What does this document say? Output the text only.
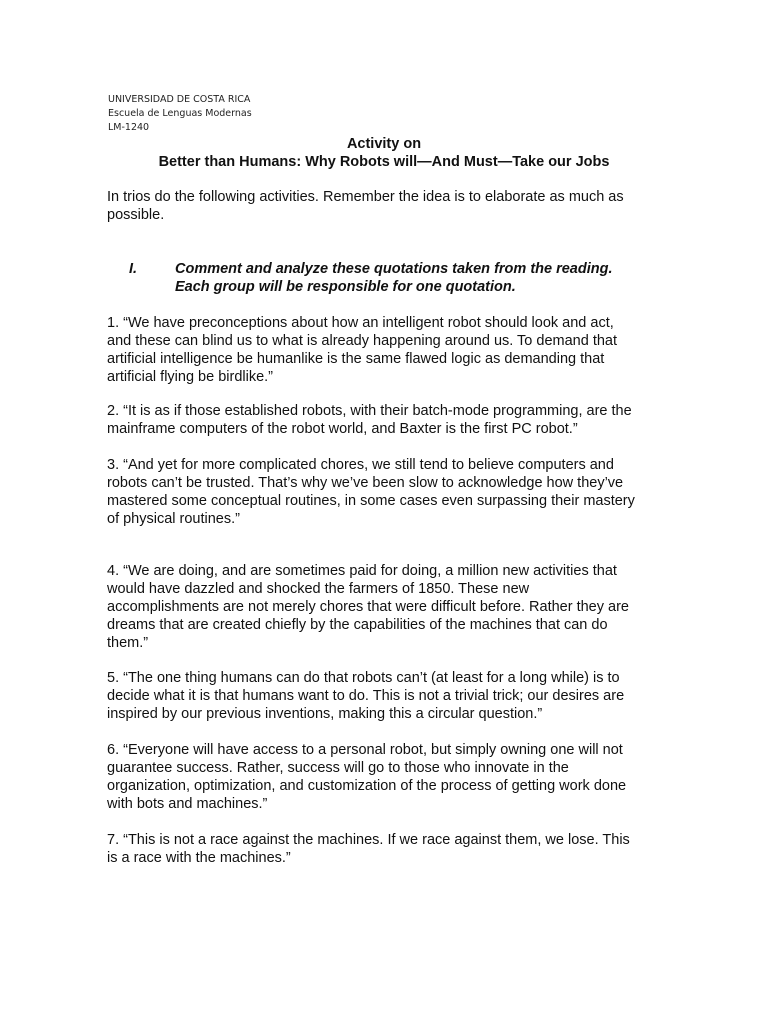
UNIVERSIDAD DE COSTA RICA
Escuela de Lenguas Modernas
LM-1240
Activity on
Better than Humans: Why Robots will—And Must—Take our Jobs
In trios do the following activities. Remember the idea is to elaborate as much as
possible.
I.	Comment and analyze these quotations taken from the reading.
Each group will be responsible for one quotation.
1. “We have preconceptions about how an intelligent robot should look and act,
and these can blind us to what is already happening around us. To demand that
artificial intelligence be humanlike is the same flawed logic as demanding that
artificial flying be birdlike.”
2. “It is as if those established robots, with their batch-mode programming, are the
mainframe computers of the robot world, and Baxter is the first PC robot.”
3. “And yet for more complicated chores, we still tend to believe computers and
robots can’t be trusted. That’s why we’ve been slow to acknowledge how they’ve
mastered some conceptual routines, in some cases even surpassing their mastery
of physical routines.”
4. “We are doing, and are sometimes paid for doing, a million new activities that
would have dazzled and shocked the farmers of 1850. These new
accomplishments are not merely chores that were difficult before. Rather they are
dreams that are created chiefly by the capabilities of the machines that can do
them.”
5. “The one thing humans can do that robots can’t (at least for a long while) is to
decide what it is that humans want to do. This is not a trivial trick; our desires are
inspired by our previous inventions, making this a circular question.”
6. “Everyone will have access to a personal robot, but simply owning one will not
guarantee success. Rather, success will go to those who innovate in the
organization, optimization, and customization of the process of getting work done
with bots and machines.”
7. “This is not a race against the machines. If we race against them, we lose. This
is a race with the machines.”
